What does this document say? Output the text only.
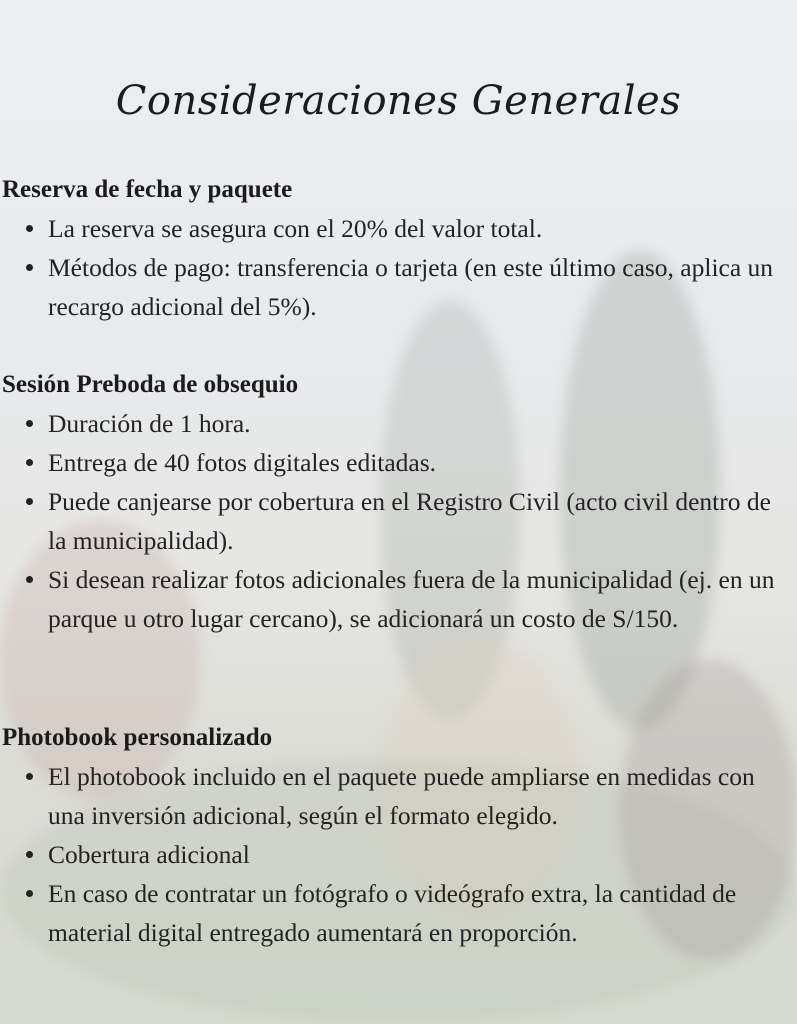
Consideraciones Generales
Reserva de fecha y paquete
La reserva se asegura con el 20% del valor total.
Métodos de pago: transferencia o tarjeta (en este último caso, aplica un recargo adicional del 5%).
Sesión Preboda de obsequio
Duración de 1 hora.
Entrega de 40 fotos digitales editadas.
Puede canjearse por cobertura en el Registro Civil (acto civil dentro de la municipalidad).
Si desean realizar fotos adicionales fuera de la municipalidad (ej. en un parque u otro lugar cercano), se adicionará un costo de S/150.
Photobook personalizado
El photobook incluido en el paquete puede ampliarse en medidas con una inversión adicional, según el formato elegido.
Cobertura adicional
En caso de contratar un fotógrafo o videógrafo extra, la cantidad de material digital entregado aumentará en proporción.
